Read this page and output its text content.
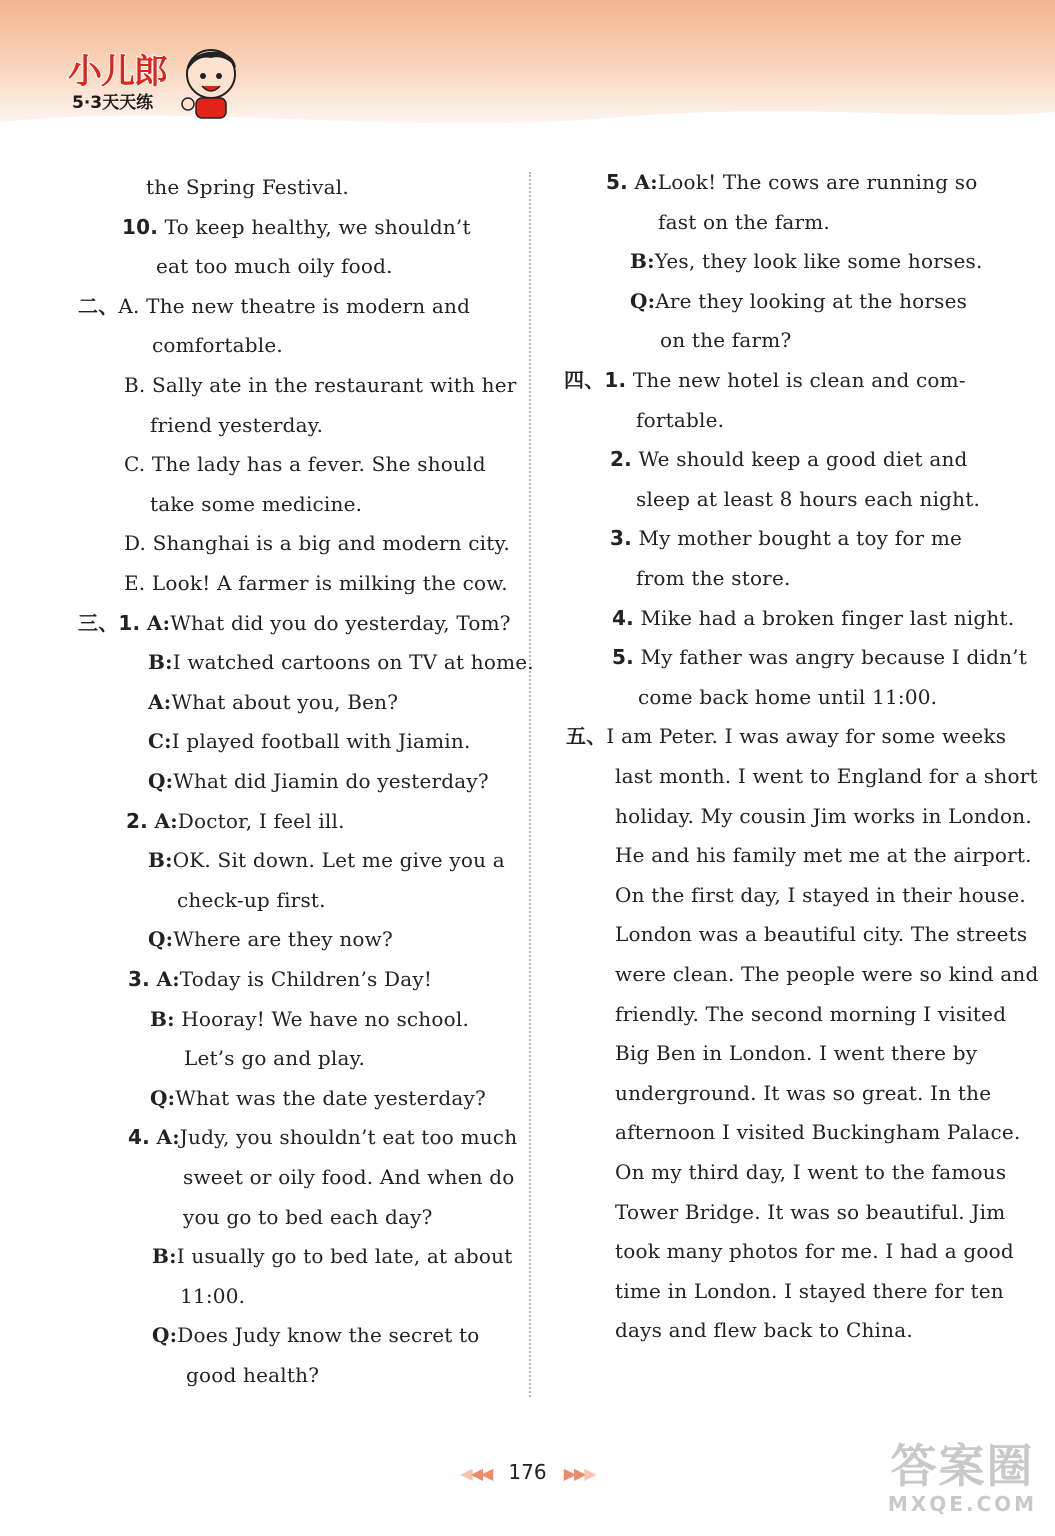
小儿郎
5·3天天练
the Spring Festival.
10. To keep healthy, we shouldn’t
eat too much oily food.
二、A. The new theatre is modern and
comfortable.
B. Sally ate in the restaurant with her
friend yesterday.
C. The lady has a fever. She should
take some medicine.
D. Shanghai is a big and modern city.
E. Look! A farmer is milking the cow.
三、1. A:What did you do yesterday, Tom?
B:I watched cartoons on TV at home.
A:What about you, Ben?
C:I played football with Jiamin.
Q:What did Jiamin do yesterday?
2. A:Doctor, I feel ill.
B:OK. Sit down. Let me give you a
check-up first.
Q:Where are they now?
3. A:Today is Children’s Day!
B: Hooray! We have no school.
Let’s go and play.
Q:What was the date yesterday?
4. A:Judy, you shouldn’t eat too much
sweet or oily food. And when do
you go to bed each day?
B:I usually go to bed late, at about
11:00.
Q:Does Judy know the secret to
good health?
5. A:Look! The cows are running so
fast on the farm.
B:Yes, they look like some horses.
Q:Are they looking at the horses
on the farm?
四、1. The new hotel is clean and com-
fortable.
2. We should keep a good diet and
sleep at least 8 hours each night.
3. My mother bought a toy for me
from the store.
4. Mike had a broken finger last night.
5. My father was angry because I didn’t
come back home until 11:00.
五、I am Peter. I was away for some weeks
last month. I went to England for a short
holiday. My cousin Jim works in London.
He and his family met me at the airport.
On the first day, I stayed in their house.
London was a beautiful city. The streets
were clean. The people were so kind and
friendly. The second morning I visited
Big Ben in London. I went there by
underground. It was so great. In the
afternoon I visited Buckingham Palace.
On my third day, I went to the famous
Tower Bridge. It was so beautiful. Jim
took many photos for me. I had a good
time in London. I stayed there for ten
days and flew back to China.
◀◀◀ 176 ▶▶▶	答案圈
MXQE.COM
